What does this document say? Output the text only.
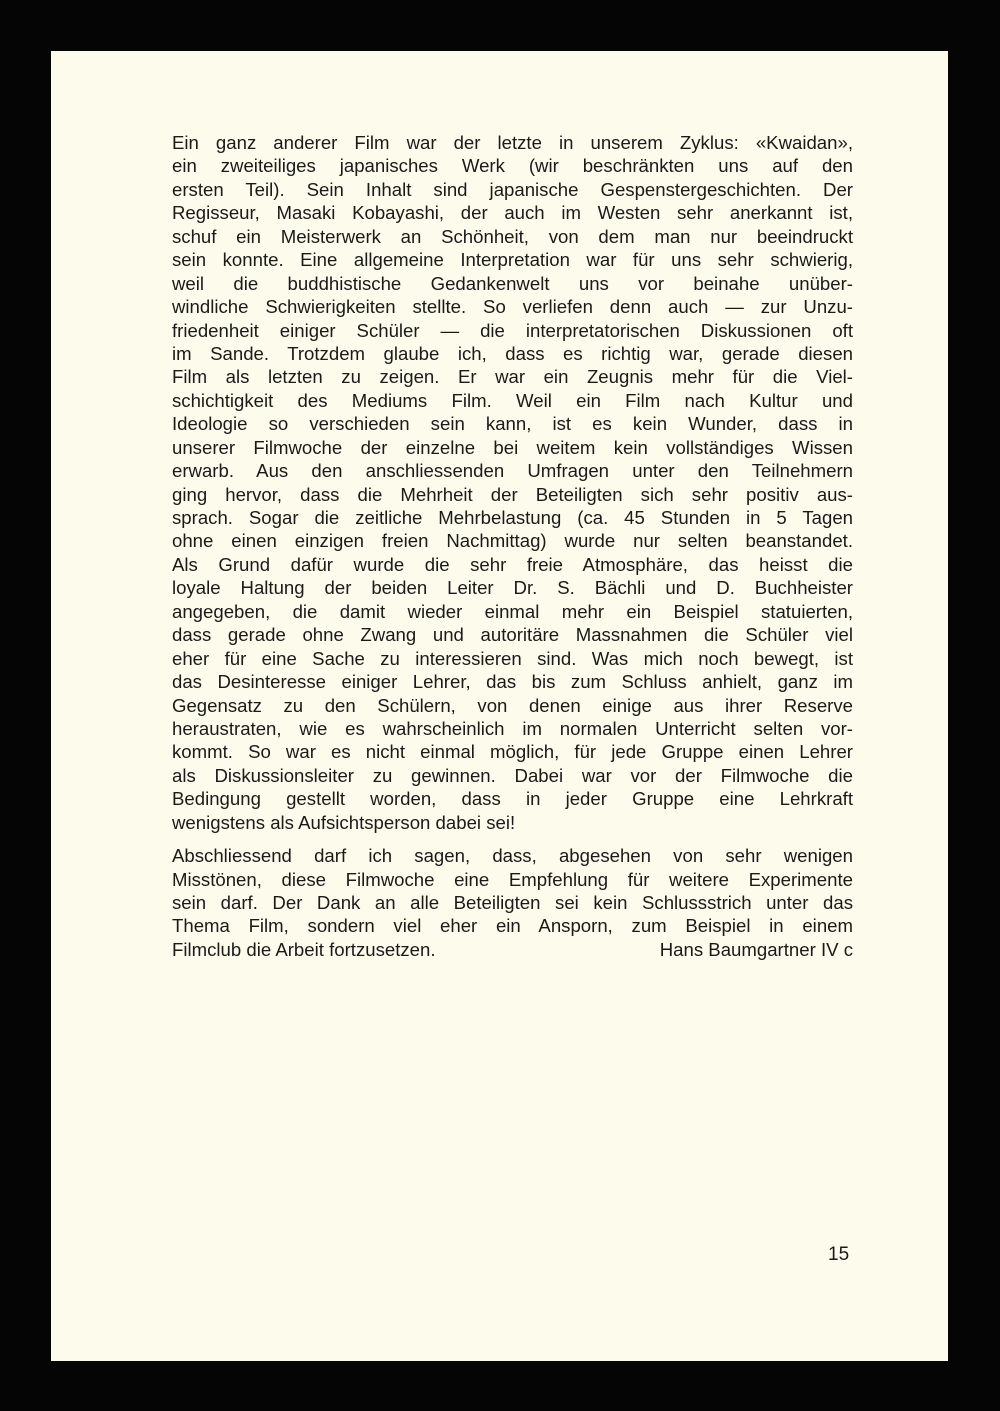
Ein ganz anderer Film war der letzte in unserem Zyklus: «Kwaidan»,
ein zweiteiliges japanisches Werk (wir beschränkten uns auf den
ersten Teil). Sein Inhalt sind japanische Gespenstergeschichten. Der
Regisseur, Masaki Kobayashi, der auch im Westen sehr anerkannt ist,
schuf ein Meisterwerk an Schönheit, von dem man nur beeindruckt
sein konnte. Eine allgemeine Interpretation war für uns sehr schwierig,
weil die buddhistische Gedankenwelt uns vor beinahe unüber-
windliche Schwierigkeiten stellte. So verliefen denn auch — zur Unzu-
friedenheit einiger Schüler — die interpretatorischen Diskussionen oft
im Sande. Trotzdem glaube ich, dass es richtig war, gerade diesen
Film als letzten zu zeigen. Er war ein Zeugnis mehr für die Viel-
schichtigkeit des Mediums Film. Weil ein Film nach Kultur und
Ideologie so verschieden sein kann, ist es kein Wunder, dass in
unserer Filmwoche der einzelne bei weitem kein vollständiges Wissen
erwarb. Aus den anschliessenden Umfragen unter den Teilnehmern
ging hervor, dass die Mehrheit der Beteiligten sich sehr positiv aus-
sprach. Sogar die zeitliche Mehrbelastung (ca. 45 Stunden in 5 Tagen
ohne einen einzigen freien Nachmittag) wurde nur selten beanstandet.
Als Grund dafür wurde die sehr freie Atmosphäre, das heisst die
loyale Haltung der beiden Leiter Dr. S. Bächli und D. Buchheister
angegeben, die damit wieder einmal mehr ein Beispiel statuierten,
dass gerade ohne Zwang und autoritäre Massnahmen die Schüler viel
eher für eine Sache zu interessieren sind. Was mich noch bewegt, ist
das Desinteresse einiger Lehrer, das bis zum Schluss anhielt, ganz im
Gegensatz zu den Schülern, von denen einige aus ihrer Reserve
heraustraten, wie es wahrscheinlich im normalen Unterricht selten vor-
kommt. So war es nicht einmal möglich, für jede Gruppe einen Lehrer
als Diskussionsleiter zu gewinnen. Dabei war vor der Filmwoche die
Bedingung gestellt worden, dass in jeder Gruppe eine Lehrkraft
wenigstens als Aufsichtsperson dabei sei!
Abschliessend darf ich sagen, dass, abgesehen von sehr wenigen
Misstönen, diese Filmwoche eine Empfehlung für weitere Experimente
sein darf. Der Dank an alle Beteiligten sei kein Schlussstrich unter das
Thema Film, sondern viel eher ein Ansporn, zum Beispiel in einem
Filmclub die Arbeit fortzusetzen.	Hans Baumgartner IV c
15
